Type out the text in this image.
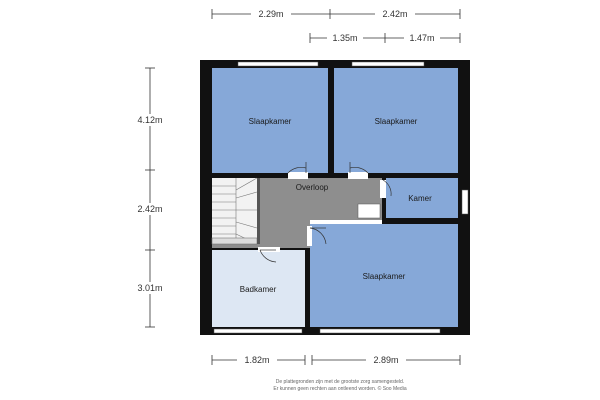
2.29m	2.42m
1.35m	1.47m
4.12m
2.42m
3.01m
1.82m	2.89m
Slaapkamer	Slaapkamer
Overloop
Kamer
Badkamer
Slaapkamer
De plattegronden zijn met de grootste zorg samengesteld.
Er kunnen geen rechten aan ontleend worden. © Soo Media
